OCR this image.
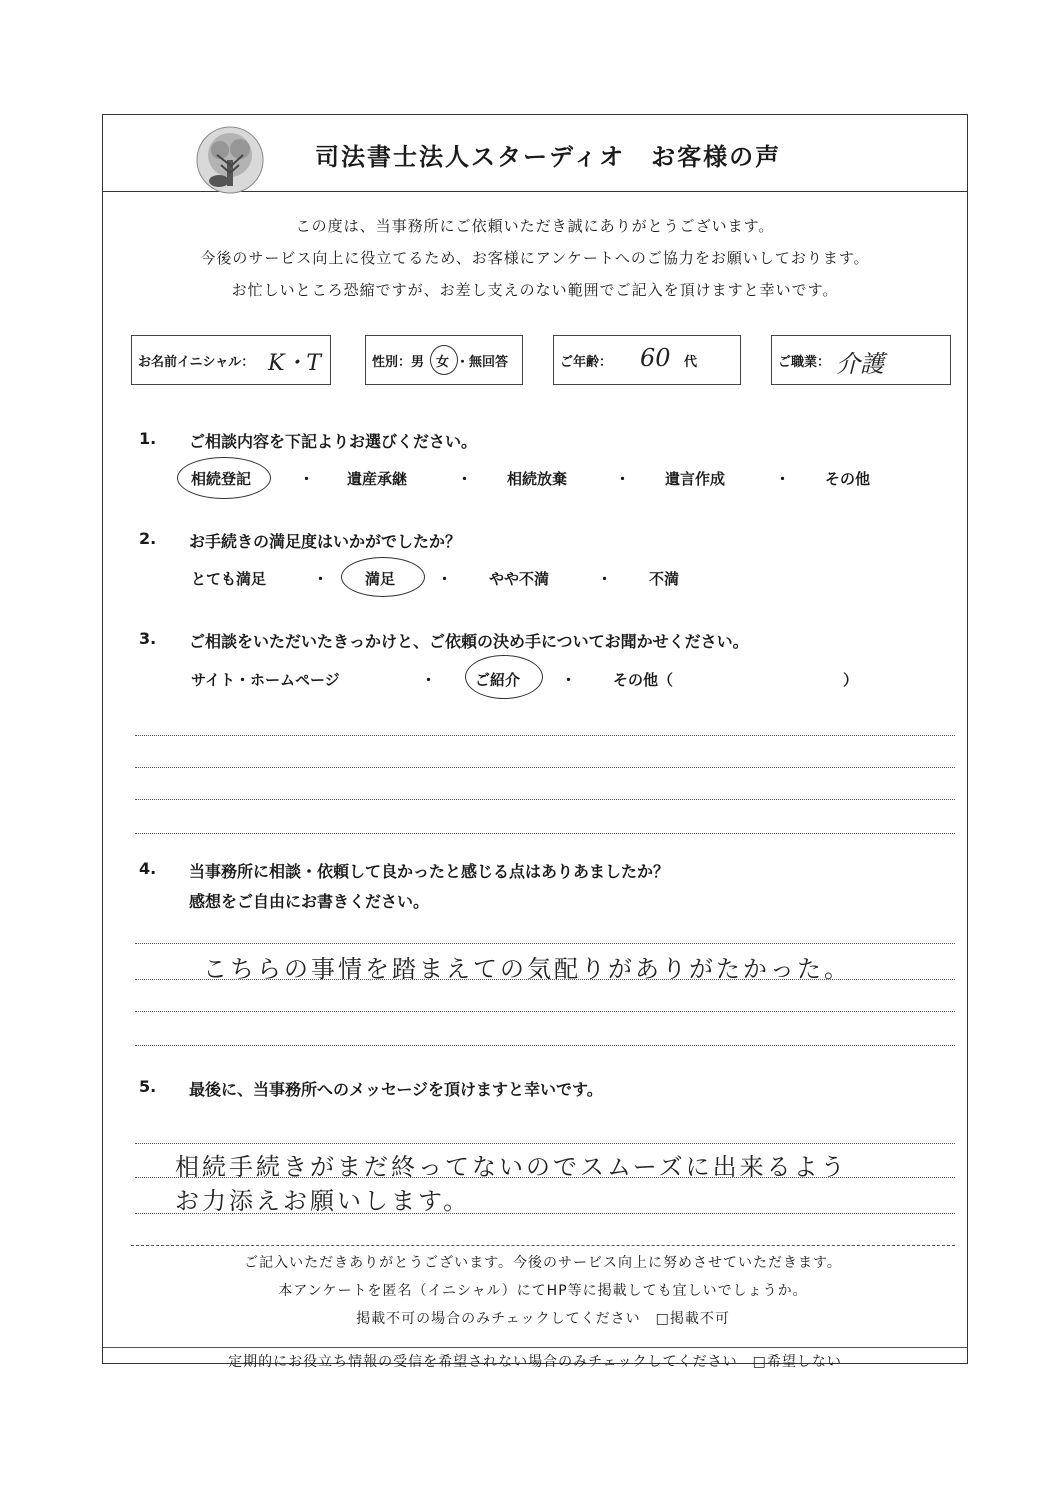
司法書士法人スターディオ　お客様の声
この度は、当事務所にご依頼いただき誠にありがとうございます。
今後のサービス向上に役立てるため、お客様にアンケートへのご協力をお願いしております。
お忙しいところ恐縮ですが、お差し支えのない範囲でご記入を頂けますと幸いです。
お名前イニシャル： K・T	性別：男 女 ・無回答	ご年齢： 60 代	ご職業： 介護
1. ご相談内容を下記よりお選びください。
相続登記	・ 遺産承継	・ 相続放棄	・ 遺言作成	・ その他
2. お手続きの満足度はいかがでしたか？
とても満足	・ 満足	・ やや不満	・ 不満
3. ご相談をいただいたきっかけと、ご依頼の決め手についてお聞かせください。
サイト・ホームページ	・	ご紹介	・ その他（	）
4. 当事務所に相談・依頼して良かったと感じる点はありあましたか？
感想をご自由にお書きください。
こちらの事情を踏まえての気配りがありがたかった。
5. 最後に、当事務所へのメッセージを頂けますと幸いです。
相続手続きがまだ終ってないのでスムーズに出来るよう
お力添えお願いします。
ご記入いただきありがとうございます。今後のサービス向上に努めさせていただきます。
本アンケートを匿名（イニシャル）にてHP等に掲載しても宜しいでしょうか。
掲載不可の場合のみチェックしてください　□掲載不可
定期的にお役立ち情報の受信を希望されない場合のみチェックしてください　□希望しない
